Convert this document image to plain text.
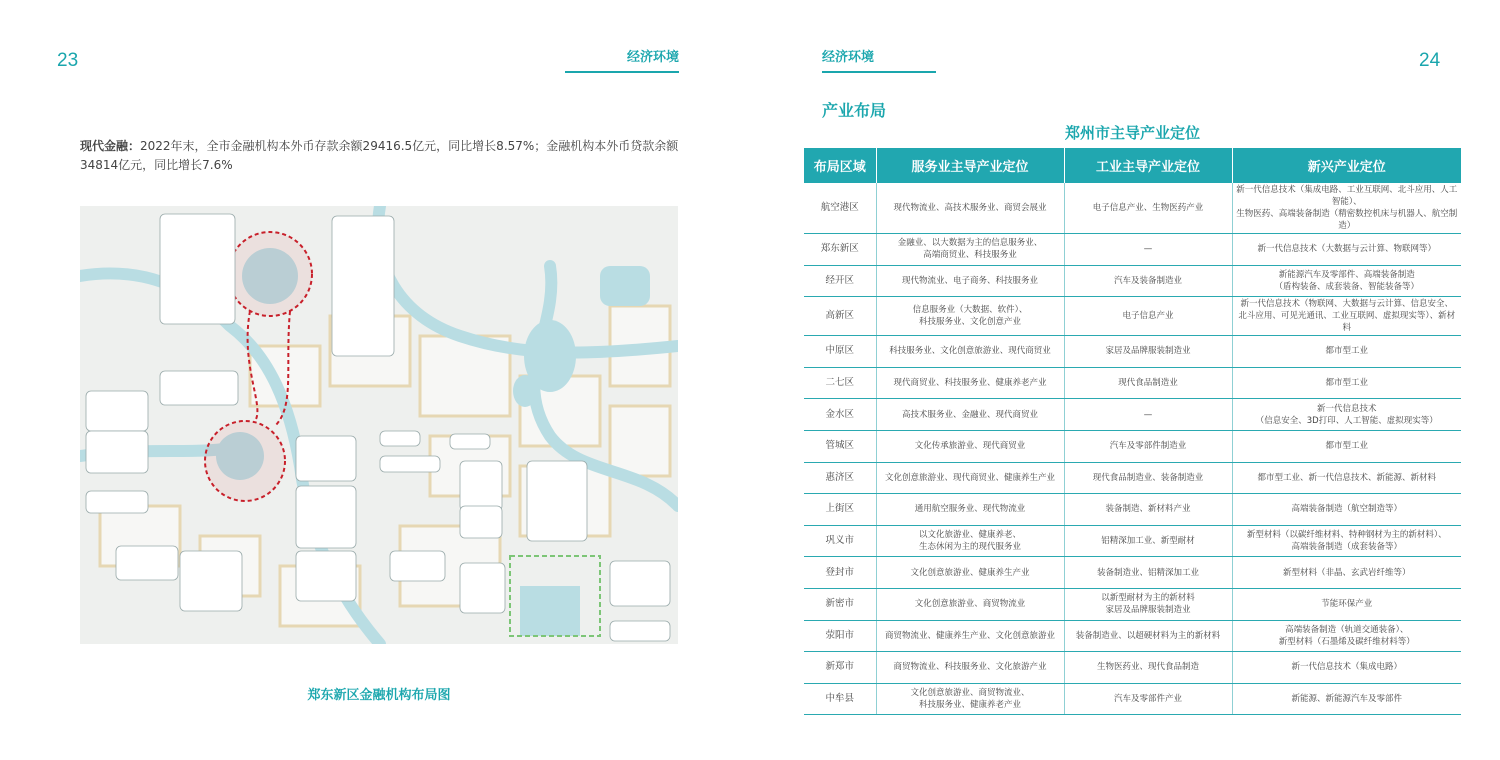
23	经济环境
现代金融：2022年末，全市金融机构本外币存款余额29416.5亿元，同比增长8.57%；金融机构本外币贷款余额34814亿元，同比增长7.6%
郑东新区金融机构布局图
经济环境	24
产业布局
郑州市主导产业定位
布局区域	服务业主导产业定位	工业主导产业定位	新兴产业定位
航空港区	现代物流业、高技术服务业、商贸会展业	电子信息产业、生物医药产业	新一代信息技术（集成电路、工业互联网、北斗应用、人工智能）、
生物医药、高端装备制造（精密数控机床与机器人、航空制造）
郑东新区	金融业、以大数据为主的信息服务业、
高端商贸业、科技服务业	—	新一代信息技术（大数据与云计算、物联网等）
经开区	现代物流业、电子商务、科技服务业	汽车及装备制造业	新能源汽车及零部件、高端装备制造
（盾构装备、成套装备、智能装备等）
高新区	信息服务业（大数据、软件）、
科技服务业、文化创意产业	电子信息产业	新一代信息技术（物联网、大数据与云计算、信息安全、
北斗应用、可见光通讯、工业互联网、虚拟现实等）、新材料
中原区	科技服务业、文化创意旅游业、现代商贸业	家居及品牌服装制造业	都市型工业
二七区	现代商贸业、科技服务业、健康养老产业	现代食品制造业	都市型工业
金水区	高技术服务业、金融业、现代商贸业	—	新一代信息技术
（信息安全、3D打印、人工智能、虚拟现实等）
管城区	文化传承旅游业、现代商贸业	汽车及零部件制造业	都市型工业
惠济区	文化创意旅游业、现代商贸业、健康养生产业	现代食品制造业、装备制造业	都市型工业、新一代信息技术、新能源、新材料
上街区	通用航空服务业、现代物流业	装备制造、新材料产业	高端装备制造（航空制造等）
巩义市	以文化旅游业、健康养老、
生态休闲为主的现代服务业	铝精深加工业、新型耐材	新型材料（以碳纤维材料、特种钢材为主的新材料）、
高端装备制造（成套装备等）
登封市	文化创意旅游业、健康养生产业	装备制造业、铝精深加工业	新型材料（非晶、玄武岩纤维等）
新密市	文化创意旅游业、商贸物流业	以新型耐材为主的新材料
家居及品牌服装制造业	节能环保产业
荥阳市	商贸物流业、健康养生产业、文化创意旅游业	装备制造业、以超硬材料为主的新材料	高端装备制造（轨道交通装备）、
新型材料（石墨烯及碳纤维材料等）
新郑市	商贸物流业、科技服务业、文化旅游产业	生物医药业、现代食品制造	新一代信息技术（集成电路）
中牟县	文化创意旅游业、商贸物流业、
科技服务业、健康养老产业	汽车及零部件产业	新能源、新能源汽车及零部件
